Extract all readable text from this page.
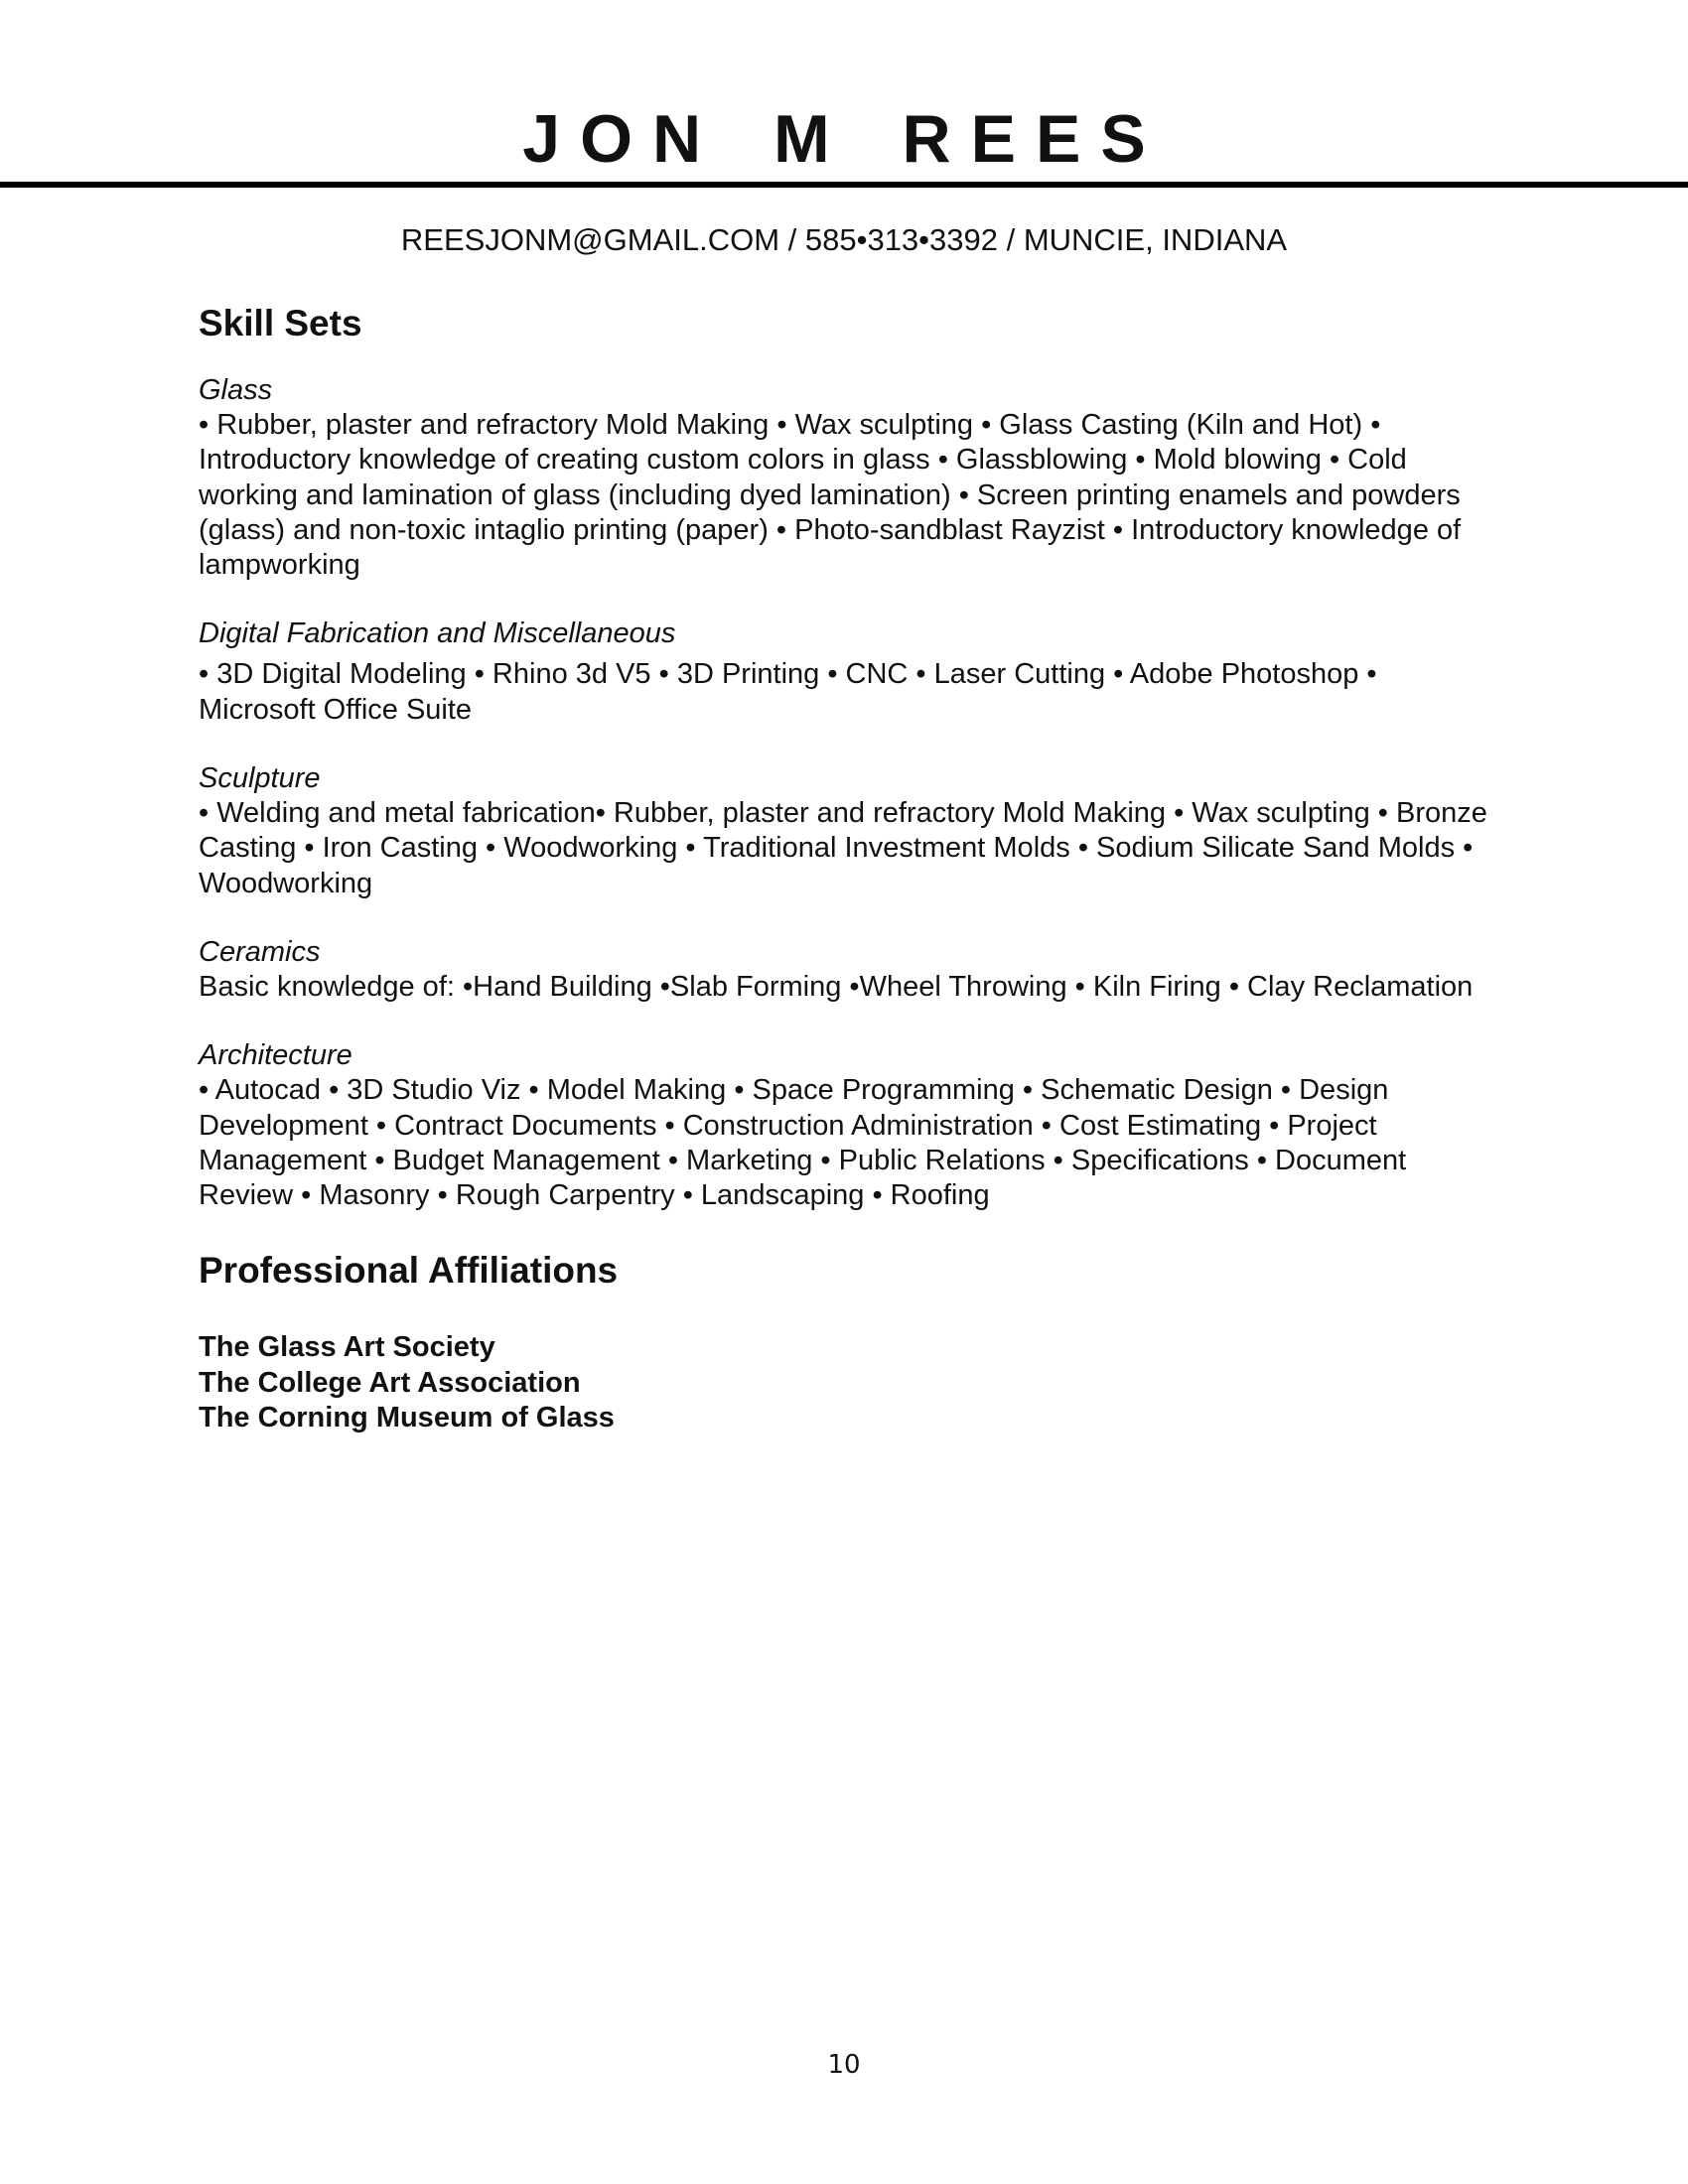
JON M REES

REESJONM@GMAIL.COM / 585•313•3392 / MUNCIE, INDIANA

Skill Sets

Glass

• Rubber, plaster and refractory Mold Making • Wax sculpting • Glass Casting (Kiln and Hot) • Introductory knowledge of creating custom colors in glass • Glassblowing • Mold blowing • Cold working and lamination of glass (including dyed lamination) • Screen printing enamels and powders (glass) and non-toxic intaglio printing (paper) • Photo-sandblast Rayzist • Introductory knowledge of lampworking

Digital Fabrication and Miscellaneous

• 3D Digital Modeling • Rhino 3d V5 • 3D Printing • CNC • Laser Cutting • Adobe Photoshop • Microsoft Office Suite

Sculpture

• Welding and metal fabrication• Rubber, plaster and refractory Mold Making • Wax sculpting • Bronze Casting • Iron Casting • Woodworking • Traditional Investment Molds • Sodium Silicate Sand Molds • Woodworking

Ceramics

Basic knowledge of: •Hand Building •Slab Forming •Wheel Throwing • Kiln Firing • Clay Reclamation

Architecture

• Autocad • 3D Studio Viz • Model Making • Space Programming • Schematic Design • Design Development • Contract Documents • Construction Administration • Cost Estimating • Project Management • Budget Management • Marketing • Public Relations • Specifications • Document Review • Masonry • Rough Carpentry • Landscaping • Roofing

Professional Affiliations
The Glass Art Society
The College Art Association
The Corning Museum of Glass
10
